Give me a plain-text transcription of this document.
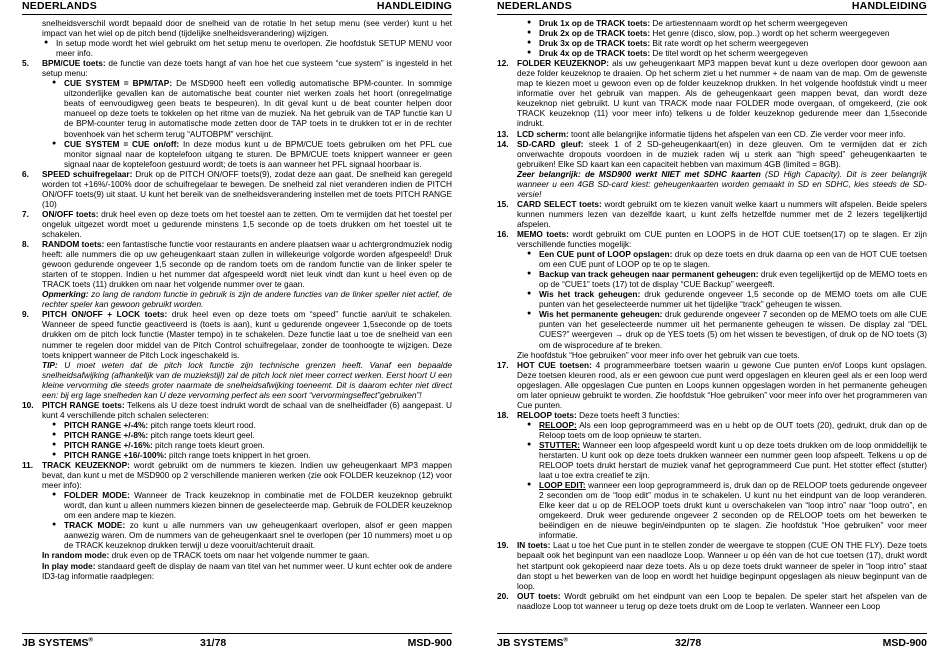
NEDERLANDS	HANDLEIDING

snelheidsverschil wordt bepaald door de snelheid van de rotatie In het setup menu (see verder) kunt u het impact van het wiel op de pitch bend (tijdelijke snelheidsverandering) wijzigen.

● In setup mode wordt het wiel gebruikt om het setup menu te overlopen. Zie hoofdstuk SETUP MENU voor meer info.

5. BPM/CUE toets: de functie van deze toets hangt af van hoe het cue systeem “cue system” is ingesteld in het setup menu:

● CUE SYSTEM = BPM/TAP: De MSD900 heeft een volledig automatische BPM-counter. In sommige uitzonderlijke gevallen kan de automatische beat counter niet werken zoals het hoort (onregelmatige beats of eenvoudigweg geen beats te bespeuren). In dit geval kunt u de beat counter helpen door manueel op deze toets te tokkelen op het ritme van de muziek. Na het gebruik van de TAP functie kan U de BPM-counter terug in automatische mode zetten door de TAP toets in te drukken tot er in de rechter bovenhoek van het scherm terug “AUTOBPM” verschijnt.

● CUE SYSTEM = CUE on/off: In deze modus kunt u de BPM/CUE toets gebruiken om het PFL cue monitor signaal naar de koptelefoon uitgang te sturen. De BPM/CUE toets knippert wanneer er geen signaal naar de koptelefoon gestuurd wordt; de toets is aan wanneer het PFL signaal hoorbaar is.

6. SPEED schuifregelaar: Druk op de PITCH ON/OFF toets(9), zodat deze aan gaat. De snelheid kan geregeld worden tot +16%/-100% door de schuifregelaar te bewegen. De snelheid zal niet veranderen indien de PITCH ON/OFF toets(9) uit staat. U kunt het bereik van de snelheidsverandering instellen met de toets PITCH RANGE (10)

7. ON/OFF toets: druk heel even op deze toets om het toestel aan te zetten. Om te vermijden dat het toestel per ongeluk uitgezet wordt moet u gedurende minstens 1,5 seconde op de toets drukken om het toestel uit te schakelen.

8. RANDOM toets: een fantastische functie voor restaurants en andere plaatsen waar u achtergrondmuziek nodig heeft: alle nummers die op uw geheugenkaart staan zullen in willekeurige volgorde worden afgespeeld! Druk gewoon gedurende ongeveer 1,5 seconde op de random toets om de random functie van de linker speler te starten of te stoppen. Indien u het nummer dat afgespeeld wordt niet leuk vindt dan kunt u heel even op de TRACK toets (11) drukken om naar het volgende nummer over te gaan.

Opmerking: zo lang de random functie in gebruik is zijn de andere functies van de linker speller niet actief, de rechter speler kan gewoon gebruikt worden.

9. PITCH ON/OFF + LOCK toets: druk heel even op deze toets om “speed” functie aan/uit te schakelen. Wanneer de speed functie geactiveerd is (toets is aan), kunt u gedurende ongeveer 1,5seconde op de toets drukken om de pitch lock functie (Master tempo) in te schakelen. Deze functie laat u toe de snelheid van een nummer te regelen door middel van de Pitch Control schuifregelaar, zonder de toonhoogte te wijzigen. Deze toets knippert wanneer de Pitch Lock ingeschakeld is.

TIP: U moet weten dat de pitch lock functie zijn technische grenzen heeft. Vanaf een bepaalde snelheidsafwijking (afhankelijk van de muziekstijl) zal de pitch lock niet meer correct werken. Eerst hoort U een kleine vervorming die steeds groter naarmate de snelheidsafwijking toeneemt. Dit is daarom echter niet direct een: bij erg lage snelheden kan U deze vervorming perfect als een soort “vervormingseffect”gebruiken”!

10. PITCH RANGE toets: Telkens als U deze toest indrukt wordt de schaal van de snelheidfader (6) aangepast. U kunt 4 verschillende pitch schalen selecteren:

● PITCH RANGE +/-4%: pitch range toets kleurt rood.

● PITCH RANGE +/-8%: pitch range toets kleurt geel.

● PITCH RANGE +/-16%: pitch range toets kleurt groen.

● PITCH RANGE +16/-100%: pitch range toets knippert in het groen.

11. TRACK KEUZEKNOP: wordt gebruikt om de nummers te kiezen. Indien uw geheugenkaart MP3 mappen bevat, dan kunt u met de MSD900 op 2 verschillende manieren werken (zie ook FOLDER keuzeknop (12) voor meer info):

● FOLDER MODE: Wanneer de Track keuzeknop in combinatie met de FOLDER keuzeknop gebruikt wordt, dan kunt u alleen nummers kiezen binnen de geselecteerde map. Gebruik de FOLDER keuzeknop om een andere map te kiezen.

● TRACK MODE: zo kunt u alle nummers van uw geheugenkaart overlopen, alsof er geen mappen aanwezig waren. Om de nummers van de geheugenkaart snel te overlopen (per 10 nummers) moet u op de TRACK keuzeknop drukken terwijl u deze vooruit/achteruit draait.

In random mode: druk even op de TRACK toets om naar het volgende nummer te gaan.

In play mode: standaard geeft de display de naam van titel van het nummer weer. U kunt echter ook de andere ID3-tag informatie raadplegen:

JB SYSTEMS®	31/78	MSD-900
NEDERLANDS	HANDLEIDING

● Druk 1x op de TRACK toets: De artiestennaam wordt op het scherm weergegeven

● Druk 2x op de TRACK toets: Het genre (disco, slow, pop..) wordt op het scherm weergegeven

● Druk 3x op de TRACK toets: Bit rate wordt op het scherm weergegeven

● Druk 4x op de TRACK toets: De titel wordt op het scherm weergegeven

12. FOLDER KEUZEKNOP: als uw geheugenkaart MP3 mappen bevat kunt u deze overlopen door gewoon aan deze folder keuzeknop te draaien. Op het scherm ziet u het nummer + de naam van de map. Om de gewenste map te kiezen moet u gewoon even op de folder keuzeknop drukken. In het volgende hoofdstuk vindt u meer informatie over het gebruik van mappen. Als de geheugenkaart geen mappen bevat, dan wordt deze keuzeknop niet gebruikt. U kunt van TRACK mode naar FOLDER mode overgaan, of omgekeerd, (zie ook TRACK keuzeknop (11) voor meer info) telkens u de folder keuzeknop gedurende meer dan 1,5seconde indrukt.

13. LCD scherm: toont alle belangrijke informatie tijdens het afspelen van een CD. Zie verder voor meer info.

14. SD-CARD gleuf: steek 1 of 2 SD-geheugenkaart(en) in deze gleuven. Om te vermijden dat er zich onverwachte dropouts voordoen in de muziek raden wij u sterk aan “high speed” geheugenkaarten te gebruiken! Elke SD kaart kan een capaciteit hebben van maximum 4GB (limited = 8GB).

Zeer belangrijk: de MSD900 werkt NIET met SDHC kaarten (SD High Capacity). Dit is zeer belangrijk wanneer u een 4GB SD-card kiest: geheugenkaarten worden gemaakt in SD en SDHC, kies steeds de SD-versie!

15. CARD SELECT toets: wordt gebruikt om te kiezen vanuit welke kaart u nummers wilt afspelen. Beide spelers kunnen nummers lezen van dezelfde kaart, u kunt zelfs hetzelfde nummer met de 2 lezers tegelijkertijd afspelen.

16. MEMO toets: wordt gebruikt om CUE punten en LOOPS in de HOT CUE toetsen(17) op te slagen. Er zijn verschillende functies mogelijk:

● Een CUE punt of LOOP opslagen: druk op deze toets en druk daarna op een van de HOT CUE toetsen om een CUE punt of LOOP op te op te slagen.

● Backup van track geheugen naar permanent geheugen: druk even tegelijkertijd op de MEMO toets en op de “CUE1” toets (17) tot de display “CUE Backup” weergeeft.

● Wis het track geheugen: druk gedurende ongeveer 1,5 seconde op de MEMO toets om alle CUE punten van het geselecteerde nummer uit het tijdelijke “track” geheugen te wissen.

● Wis het permanente geheugen: druk gedurende ongeveer 7 seconden op de MEMO toets om alle CUE punten van het geselecteerde nummer uit het permanente geheugen te wissen. De display zal “DEL CUES?” weergeven → druk op de YES toets (5) om het wissen te bevestigen, of druk op de NO toets (3) om de wisprocedure af te breken.

Zie hoofdstuk “Hoe gebruiken” voor meer info over het gebruik van cue toets.

17. HOT CUE toetsen: 4 programmeerbare toetsen waarin u gewone Cue punten en/of Loops kunt opslagen. Deze toetsen kleuren rood, als er een gewoon cue punt werd opgeslagen en kleuren geel als er een loop werd opgeslagen. Alle opgeslagen Cue punten en Loops kunnen opgeslagen worden in het permanente geheugen om later opnieuw gebruikt te worden. Zie hoofdstuk “Hoe gebruiken” voor meer info over het programmeren van Cue punten.

18. RELOOP toets: Deze toets heeft 3 functies:

● RELOOP: Als een loop geprogrammeerd was en u hebt op de OUT toets (20), gedrukt, druk dan op de Reloop toets om de loop opnieuw te starten.

● STUTTER: Wanneer een loop afgespeeld wordt kunt u op deze toets drukken om de loop onmiddellijk te herstarten. U kunt ook op deze toets drukken wanneer een nummer geen loop afspeelt. Telkens u op de RELOOP toets drukt herstart de muziek vanaf het geprogrammeerd Cue punt. Het stotter effect (stutter) laat u toe extra creatief te zijn.

● LOOP EDIT: wanneer een loop geprogrammeerd is, druk dan op de RELOOP toets gedurende ongeveer 2 seconden om de “loop edit” modus in te schakelen. U kunt nu het eindpunt van de loop veranderen. Elke keer dat u op de RELOOP toets drukt kunt u overschakelen van “loop intro” naar “loop outro”, en omgekeerd. Druk weer gedurende ongeveer 2 seconden op de RELOOP toets om het bewerken te beëindigen en de nieuwe begin/eindpunten op te slagen. Zie hoofdstuk “Hoe gebruiken” voor meer informatie.

19. IN toets: Laat u toe het Cue punt in te stellen zonder de weergave te stoppen (CUE ON THE FLY). Deze toets bepaalt ook het beginpunt van een naadloze Loop. Wanneer u op één van de hot cue toetsen (17), drukt wordt het startpunt ook gekopieerd naar deze toets. Als u op deze toets drukt wanneer de speler in “loop intro” staat dan stopt u het bewerken van de loop en wordt het huidige beginpunt opgeslagen als nieuw beginpunt van de loop.

20. OUT toets: Wordt gebruikt om het eindpunt van een Loop te bepalen. De speler start het afspelen van de naadloze Loop tot wanneer u terug op deze toets drukt om de Loop te verlaten. Wanneer een Loop

JB SYSTEMS®	32/78	MSD-900
